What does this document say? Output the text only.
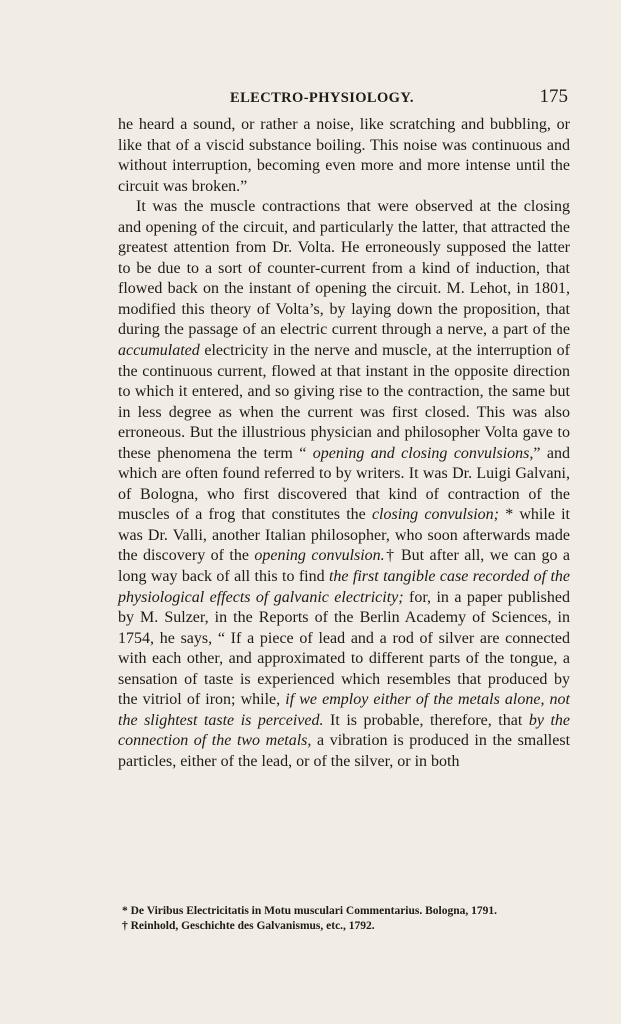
ELECTRO-PHYSIOLOGY.	175

he heard a sound, or rather a noise, like scratching and bubbling, or like that of a viscid substance boiling. This noise was continuous and without interruption, becoming even more and more intense until the circuit was broken.”

It was the muscle contractions that were observed at the closing and opening of the circuit, and particularly the latter, that attracted the greatest attention from Dr. Volta. He erroneously supposed the latter to be due to a sort of counter-current from a kind of induction, that flowed back on the instant of opening the circuit. M. Lehot, in 1801, modified this theory of Volta’s, by laying down the proposition, that during the passage of an electric current through a nerve, a part of the accumulated electricity in the nerve and muscle, at the interruption of the continuous current, flowed at that instant in the opposite direction to which it entered, and so giving rise to the contraction, the same but in less degree as when the current was first closed. This was also erroneous. But the illustrious physician and philosopher Volta gave to these phenomena the term “ opening and closing convulsions,” and which are often found referred to by writers. It was Dr. Luigi Galvani, of Bologna, who first discovered that kind of contraction of the muscles of a frog that constitutes the closing convulsion; * while it was Dr. Valli, another Italian philosopher, who soon afterwards made the discovery of the opening convulsion.† But after all, we can go a long way back of all this to find the first tangible case recorded of the physiological effects of galvanic electricity; for, in a paper published by M. Sulzer, in the Reports of the Berlin Academy of Sciences, in 1754, he says, “ If a piece of lead and a rod of silver are connected with each other, and approximated to different parts of the tongue, a sensation of taste is experienced which resembles that produced by the vitriol of iron; while, if we employ either of the metals alone, not the slightest taste is perceived. It is probable, therefore, that by the connection of the two metals, a vibration is produced in the smallest particles, either of the lead, or of the silver, or in both

* De Viribus Electricitatis in Motu musculari Commentarius. Bologna, 1791.

† Reinhold, Geschichte des Galvanismus, etc., 1792.
